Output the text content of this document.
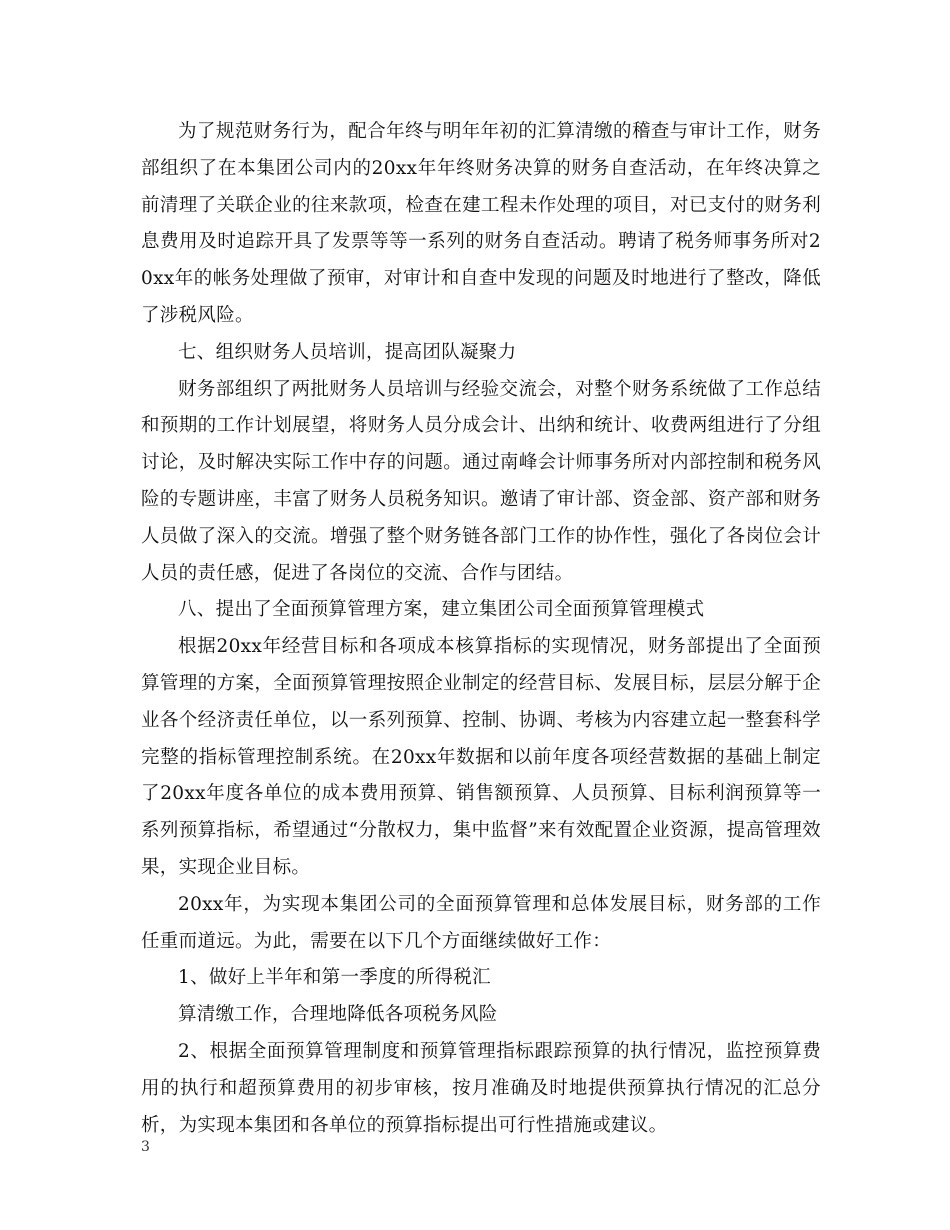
为了规范财务行为，配合年终与明年年初的汇算清缴的稽查与审计工作，财务部组织了在本集团公司内的20xx年年终财务决算的财务自查活动，在年终决算之前清理了关联企业的往来款项，检查在建工程未作处理的项目，对已支付的财务利息费用及时追踪开具了发票等等一系列的财务自查活动。聘请了税务师事务所对20xx年的帐务处理做了预审，对审计和自查中发现的问题及时地进行了整改，降低了涉税风险。

七、组织财务人员培训，提高团队凝聚力

财务部组织了两批财务人员培训与经验交流会，对整个财务系统做了工作总结和预期的工作计划展望，将财务人员分成会计、出纳和统计、收费两组进行了分组讨论，及时解决实际工作中存的问题。通过南峰会计师事务所对内部控制和税务风险的专题讲座，丰富了财务人员税务知识。邀请了审计部、资金部、资产部和财务人员做了深入的交流。增强了整个财务链各部门工作的协作性，强化了各岗位会计人员的责任感，促进了各岗位的交流、合作与团结。

八、提出了全面预算管理方案，建立集团公司全面预算管理模式

根据20xx年经营目标和各项成本核算指标的实现情况，财务部提出了全面预算管理的方案，全面预算管理按照企业制定的经营目标、发展目标，层层分解于企业各个经济责任单位，以一系列预算、控制、协调、考核为内容建立起一整套科学完整的指标管理控制系统。在20xx年数据和以前年度各项经营数据的基础上制定了20xx年度各单位的成本费用预算、销售额预算、人员预算、目标利润预算等一系列预算指标，希望通过“分散权力，集中监督”来有效配置企业资源，提高管理效果，实现企业目标。

20xx年，为实现本集团公司的全面预算管理和总体发展目标，财务部的工作任重而道远。为此，需要在以下几个方面继续做好工作：

1、做好上半年和第一季度的所得税汇

算清缴工作，合理地降低各项税务风险

2、根据全面预算管理制度和预算管理指标跟踪预算的执行情况，监控预算费用的执行和超预算费用的初步审核，按月准确及时地提供预算执行情况的汇总分析，为实现本集团和各单位的预算指标提出可行性措施或建议。

3
